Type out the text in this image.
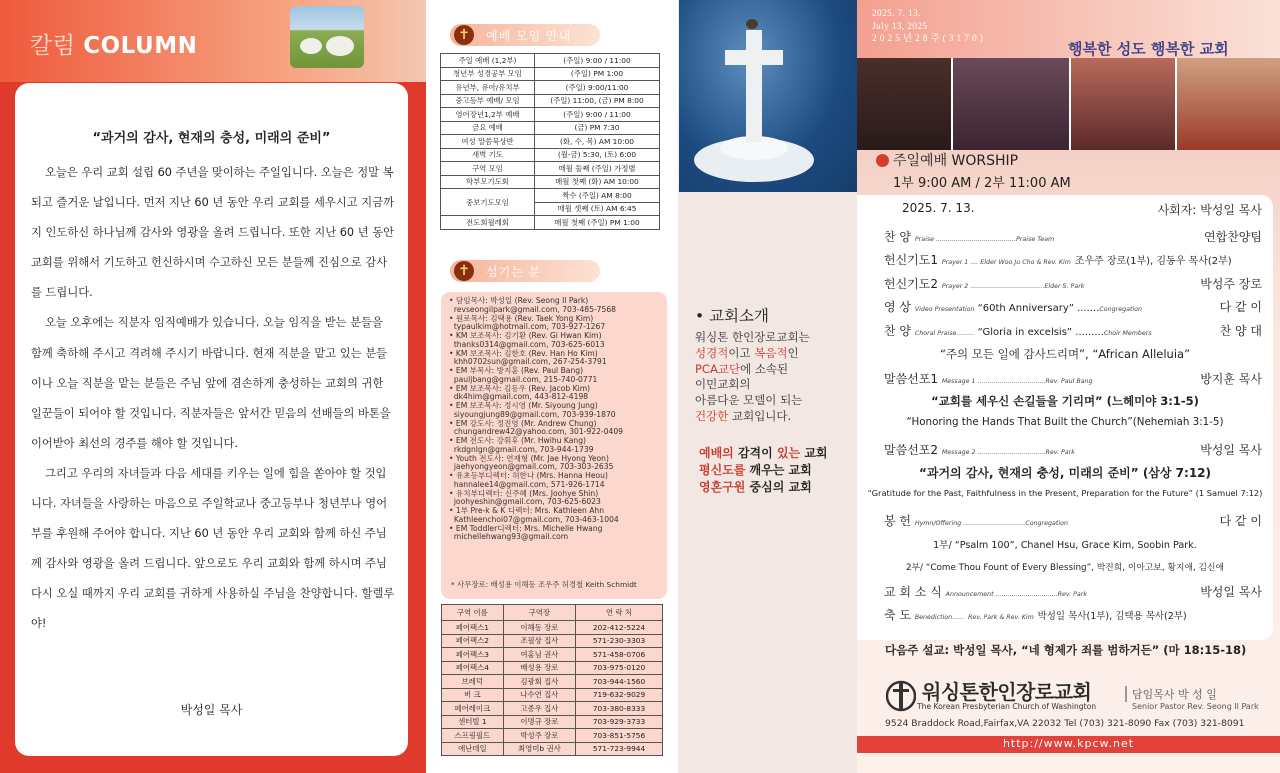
칼럼 COLUMN
“과거의 감사, 현재의 충성, 미래의 준비”

오늘은 우리 교회 설립 60 주년을 맞이하는 주일입니다. 오늘은 정말 복되고 즐거운 날입니다. 먼저 지난 60 년 동안 우리 교회를 세우시고 지금까지 인도하신 하나님께 감사와 영광을 올려 드립니다. 또한 지난 60 년 동안 교회를 위해서 기도하고 헌신하시며 수고하신 모든 분들께 진심으로 감사를 드립니다.

오늘 오후에는 직분자 임직예배가 있습니다. 오늘 임직을 받는 분들을 함께 축하해 주시고 격려해 주시기 바랍니다. 현재 직분을 맡고 있는 분들이나 오늘 직분을 맡는 분들은 주님 앞에 겸손하게 충성하는 교회의 귀한 일꾼들이 되어야 할 것입니다. 직분자들은 앞서간 믿음의 선배들의 바톤을 이어받아 최선의 경주를 해야 할 것입니다.

그리고 우리의 자녀들과 다음 세대를 키우는 일에 힘을 쏟아야 할 것입니다. 자녀들을 사랑하는 마음으로 주일학교나 중고등부나 청년부나 영어부를 후원해 주어야 합니다. 지난 60 년 동안 우리 교회와 함께 하신 주님께 감사와 영광을 올려 드립니다. 앞으로도 우리 교회와 함께 하시며 주님 다시 오실 때까지 우리 교회를 귀하게 사용하실 주님을 찬양합니다. 할렐루야!

박성일 목사
✝	예배 모임 안내
주일 예배 (1,2부)	(주일) 9:00 / 11:00
청년부 성경공부 모임	(주일) PM 1:00
유년부, 유아/유치부	(주일) 9:00/11:00
중고등부 예배/ 모임	(주일) 11:00, (금) PM 8:00
영어장년1,2부 예배	(주일) 9:00 / 11:00
금요 예배	(금) PM 7:30
여성 말씀묵상반	(화, 수, 목) AM 10:00
새벽 기도	(월-금) 5:30, (토) 6:00
구역 모임	매월 둘째 (주일) 가정별
학부모기도회	매월 첫째 (화) AM 10:00
중보기도모임	짝수 (주일) AM 8:00
	매월 셋째 (토) AM 6:45
전도회월례회	매월 첫째 (주일) PM 1:00
✝	섬기는 분
• 담임목사: 박성일 (Rev. Seong Il Park)
revseongilpark@gmail.com, 703-485-7568
• 원로목사: 김택용 (Rev. Taek Yong Kim)
typaulkim@hotmail.com, 703-927-1267
• KM 보조목사: 김기환 (Rev. Gi Hwan Kim)
thanks0314@gmail.com, 703-625-6013
• KM 보조목사: 김한호 (Rev. Han Ho Kim)
khh0702sun@gmail.com, 267-254-3791
• EM 부목사: 방지훈 (Rev. Paul Bang)
pauljbang@gmail.com, 215-740-0771
• EM 보조목사: 김동우 (Rev. Jacob Kim)
dk4him@gmail.com, 443-812-4198
• EM 보조목사: 정시영 (Mr. Siyoung Jung)
siyoungjung89@gmail.com, 703-939-1870
• EM 강도사: 정진영 (Mr. Andrew Chung)
chungandrew42@yahoo.com, 301-922-0409
• EM 전도사: 강휘후 (Mr. Hwihu Kang)
rkdgnlgn@gmail.com, 703-944-1739
• Youth 전도사: 연재형 (Mr. Jae Hyong Yeon)
jaehyongyeon@gmail.com, 703-303-2635
• 유초등부디렉터: 허한나 (Mrs. Hanna Heou)
hannalee14@gmail.com, 571-926-1714
• 유치부디렉터: 신주혜 (Mrs. Joohye Shin)
joohyeshin@gmail.com, 703-625-6023
• 1부 Pre-k & K 디렉터: Mrs. Kathleen Ahn
Kathleenchoi07@gmail.com, 703-463-1004
• EM Toddler디렉터: Mrs. Michelle Hwang
michellehwang93@gmail.com
* 사무장로: 배성용 이해동 조우주 허경철 Keith Schmidt
구역 이름	구역장	연 락 처
페어팩스1	이해동 장로	202-412-5224
페어팩스2	조필상 집사	571-230-3303
페어팩스3	여홍님 권사	571-458-0706
페어팩스4	배성용 장로	703-975-0120
브레덕	김광회 집사	703-944-1560
버 크	나수연 집사	719-632-9029
페어레이크	고종우 집사	703-380-8333
센터빌 1	이명규 장로	703-929-3733
스프링필드	박성주 장로	703-851-5756
애난데일	최영미b 권사	571-723-9944
• 교회소개
워싱톤 한인장로교회는
성경적이고 복음적인
PCA교단에 소속된
이민교회의
아름다운 모델이 되는
건강한 교회입니다.
예배의 감격이 있는 교회
평신도를 깨우는 교회
영혼구원 중심의 교회
2025. 7. 13.
July 13, 2025
2 0 2 5 년 2 8 주 ( 3 1 7 0 )
행복한 성도 행복한 교회
주일예배 WORSHIP
1부 9:00 AM / 2부 11:00 AM
2025. 7. 13.	사회자: 박성일 목사
찬 양 Praise ........................................Praise Team	연합찬양팀
헌신기도1 Prayer 1 .... Elder Woo Ju Cho & Rev. Kim 조우주 장로(1부), 김동우 목사(2부)
헌신기도2 Prayer 2 .....................................Elder S. Park	박성주 장로
영 상 Video Presentation “60th Anniversary” .......Congregation	다 같 이
찬 양 Choral Praise......... “Gloria in excelsis” .........Choir Members	찬 양 대
“주의 모든 일에 감사드리며”, “African Alleluia”
말씀선포1 Message 1 ..................................Rev. Paul Bang	방지훈 목사
“교회를 세우신 손길들을 기리며” (느헤미야 3:1-5)
“Honoring the Hands That Built the Church”(Nehemiah 3:1-5)
말씀선포2 Message 2 ..................................Rev. Park	박성일 목사
“과거의 감사, 현재의 충성, 미래의 준비” (삼상 7:12)
“Gratitude for the Past, Faithfulness in the Present, Preparation for the Future” (1 Samuel 7:12)
봉 헌 Hymn/Offering ...............................Congregation	다 같 이
1부/ “Psalm 100”, Chanel Hsu, Grace Kim, Soobin Park.
2부/ “Come Thou Fount of Every Blessing”, 박진희, 이아고보, 황지애, 김신애
교 회 소 식 Announcement ...............................Rev. Park	박성일 목사
축 도 Benediction...... Rev. Park & Rev. Kim 박성일 목사(1부), 김택용 목사(2부)
다음주 설교: 박성일 목사, “네 형제가 죄를 범하거든” (마 18:15-18)
워싱톤한인장로교회
The Korean Presbyterian Church of Washington
담임목사 박 성 일
Senior Pastor Rev. Seong Il Park
9524 Braddock Road,Fairfax,VA 22032 Tel (703) 321-8090 Fax (703) 321-8091
http://www.kpcw.net
